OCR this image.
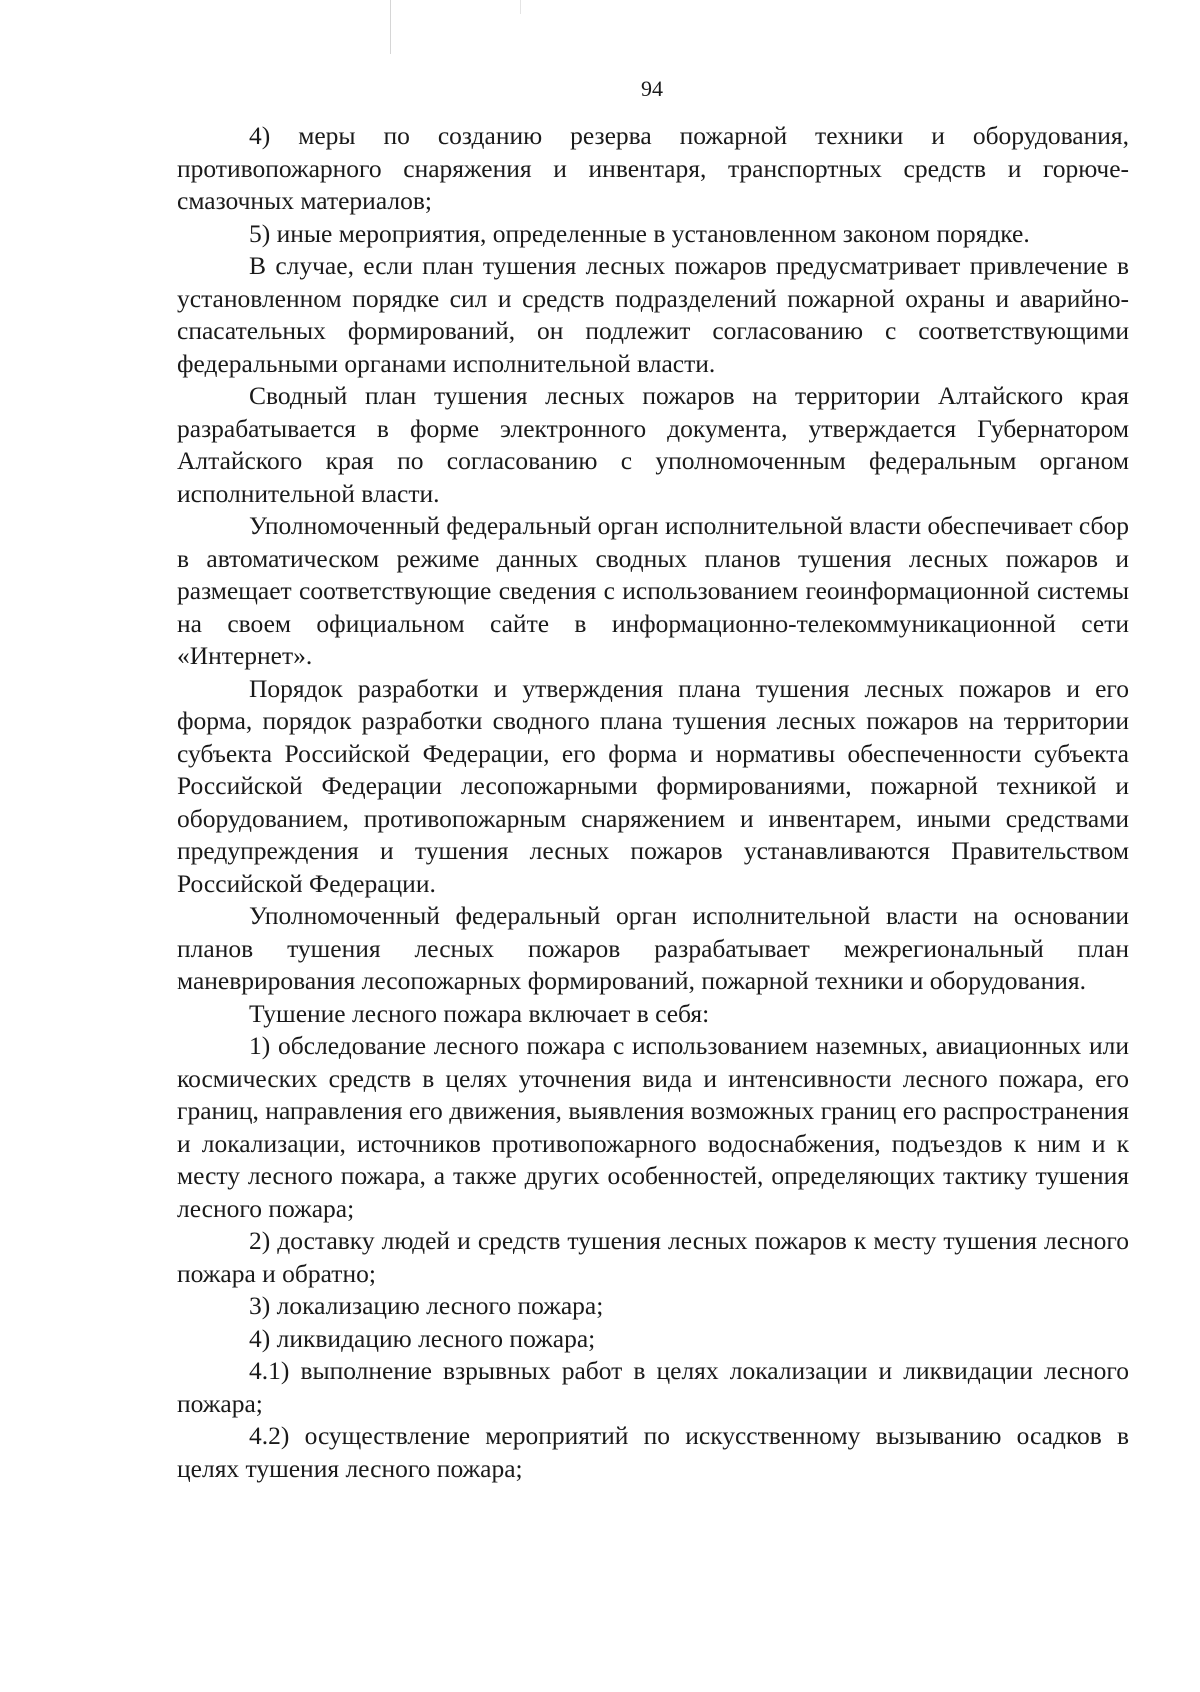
94

4) меры по созданию резерва пожарной техники и оборудования, противопожарного снаряжения и инвентаря, транспортных средств и горюче-смазочных материалов;

5) иные мероприятия, определенные в установленном законом порядке.

В случае, если план тушения лесных пожаров предусматривает привлечение в установленном порядке сил и средств подразделений пожарной охраны и аварийно-спасательных формирований, он подлежит согласованию с соответствующими федеральными органами исполнительной власти.

Сводный план тушения лесных пожаров на территории Алтайского края разрабатывается в форме электронного документа, утверждается Губернатором Алтайского края по согласованию с уполномоченным федеральным органом исполнительной власти.

Уполномоченный федеральный орган исполнительной власти обеспечивает сбор в автоматическом режиме данных сводных планов тушения лесных пожаров и размещает соответствующие сведения с использованием геоинформационной системы на своем официальном сайте в информационно-телекоммуникационной сети «Интернет».

Порядок разработки и утверждения плана тушения лесных пожаров и его форма, порядок разработки сводного плана тушения лесных пожаров на территории субъекта Российской Федерации, его форма и нормативы обеспеченности субъекта Российской Федерации лесопожарными формированиями, пожарной техникой и оборудованием, противопожарным снаряжением и инвентарем, иными средствами предупреждения и тушения лесных пожаров устанавливаются Правительством Российской Федерации.

Уполномоченный федеральный орган исполнительной власти на основании планов тушения лесных пожаров разрабатывает межрегиональный план маневрирования лесопожарных формирований, пожарной техники и оборудования.

Тушение лесного пожара включает в себя:

1) обследование лесного пожара с использованием наземных, авиационных или космических средств в целях уточнения вида и интенсивности лесного пожара, его границ, направления его движения, выявления возможных границ его распространения и локализации, источников противопожарного водоснабжения, подъездов к ним и к месту лесного пожара, а также других особенностей, определяющих тактику тушения лесного пожара;

2) доставку людей и средств тушения лесных пожаров к месту тушения лесного пожара и обратно;

3) локализацию лесного пожара;

4) ликвидацию лесного пожара;

4.1) выполнение взрывных работ в целях локализации и ликвидации лесного пожара;

4.2) осуществление мероприятий по искусственному вызыванию осадков в целях тушения лесного пожара;
